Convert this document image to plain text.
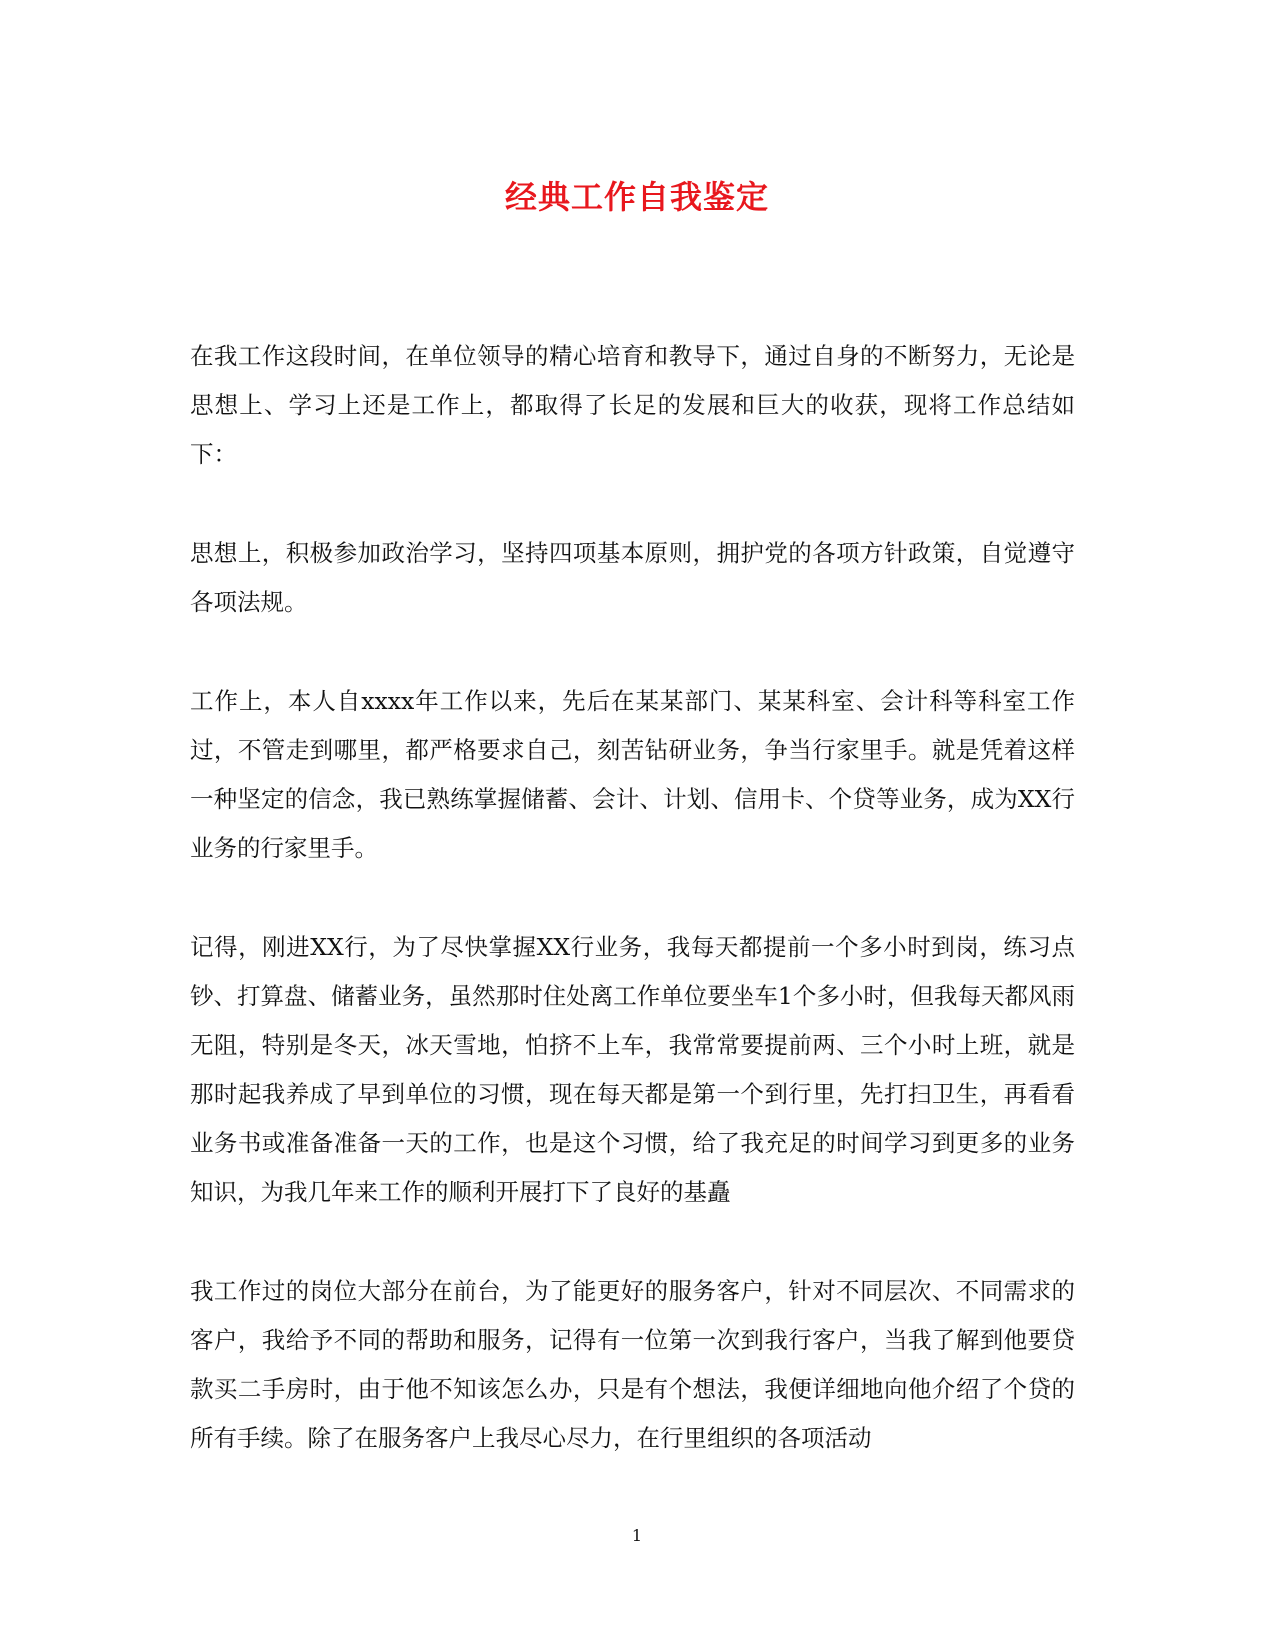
经典工作自我鉴定

在我工作这段时间，在单位领导的精心培育和教导下，通过自身的不断努力，无论是思想上、学习上还是工作上，都取得了长足的发展和巨大的收获，现将工作总结如下：

思想上，积极参加政治学习，坚持四项基本原则，拥护党的各项方针政策，自觉遵守各项法规。

工作上，本人自xxxx年工作以来，先后在某某部门、某某科室、会计科等科室工作过，不管走到哪里，都严格要求自己，刻苦钻研业务，争当行家里手。就是凭着这样一种坚定的信念，我已熟练掌握储蓄、会计、计划、信用卡、个贷等业务，成为XX行业务的行家里手。

记得，刚进XX行，为了尽快掌握XX行业务，我每天都提前一个多小时到岗，练习点钞、打算盘、储蓄业务，虽然那时住处离工作单位要坐车1个多小时，但我每天都风雨无阻，特别是冬天，冰天雪地，怕挤不上车，我常常要提前两、三个小时上班，就是那时起我养成了早到单位的习惯，现在每天都是第一个到行里，先打扫卫生，再看看业务书或准备准备一天的工作，也是这个习惯，给了我充足的时间学习到更多的业务知识，为我几年来工作的顺利开展打下了良好的基矗

我工作过的岗位大部分在前台，为了能更好的服务客户，针对不同层次、不同需求的客户，我给予不同的帮助和服务，记得有一位第一次到我行客户，当我了解到他要贷款买二手房时，由于他不知该怎么办，只是有个想法，我便详细地向他介绍了个贷的所有手续。除了在服务客户上我尽心尽力，在行里组织的各项活动

1
